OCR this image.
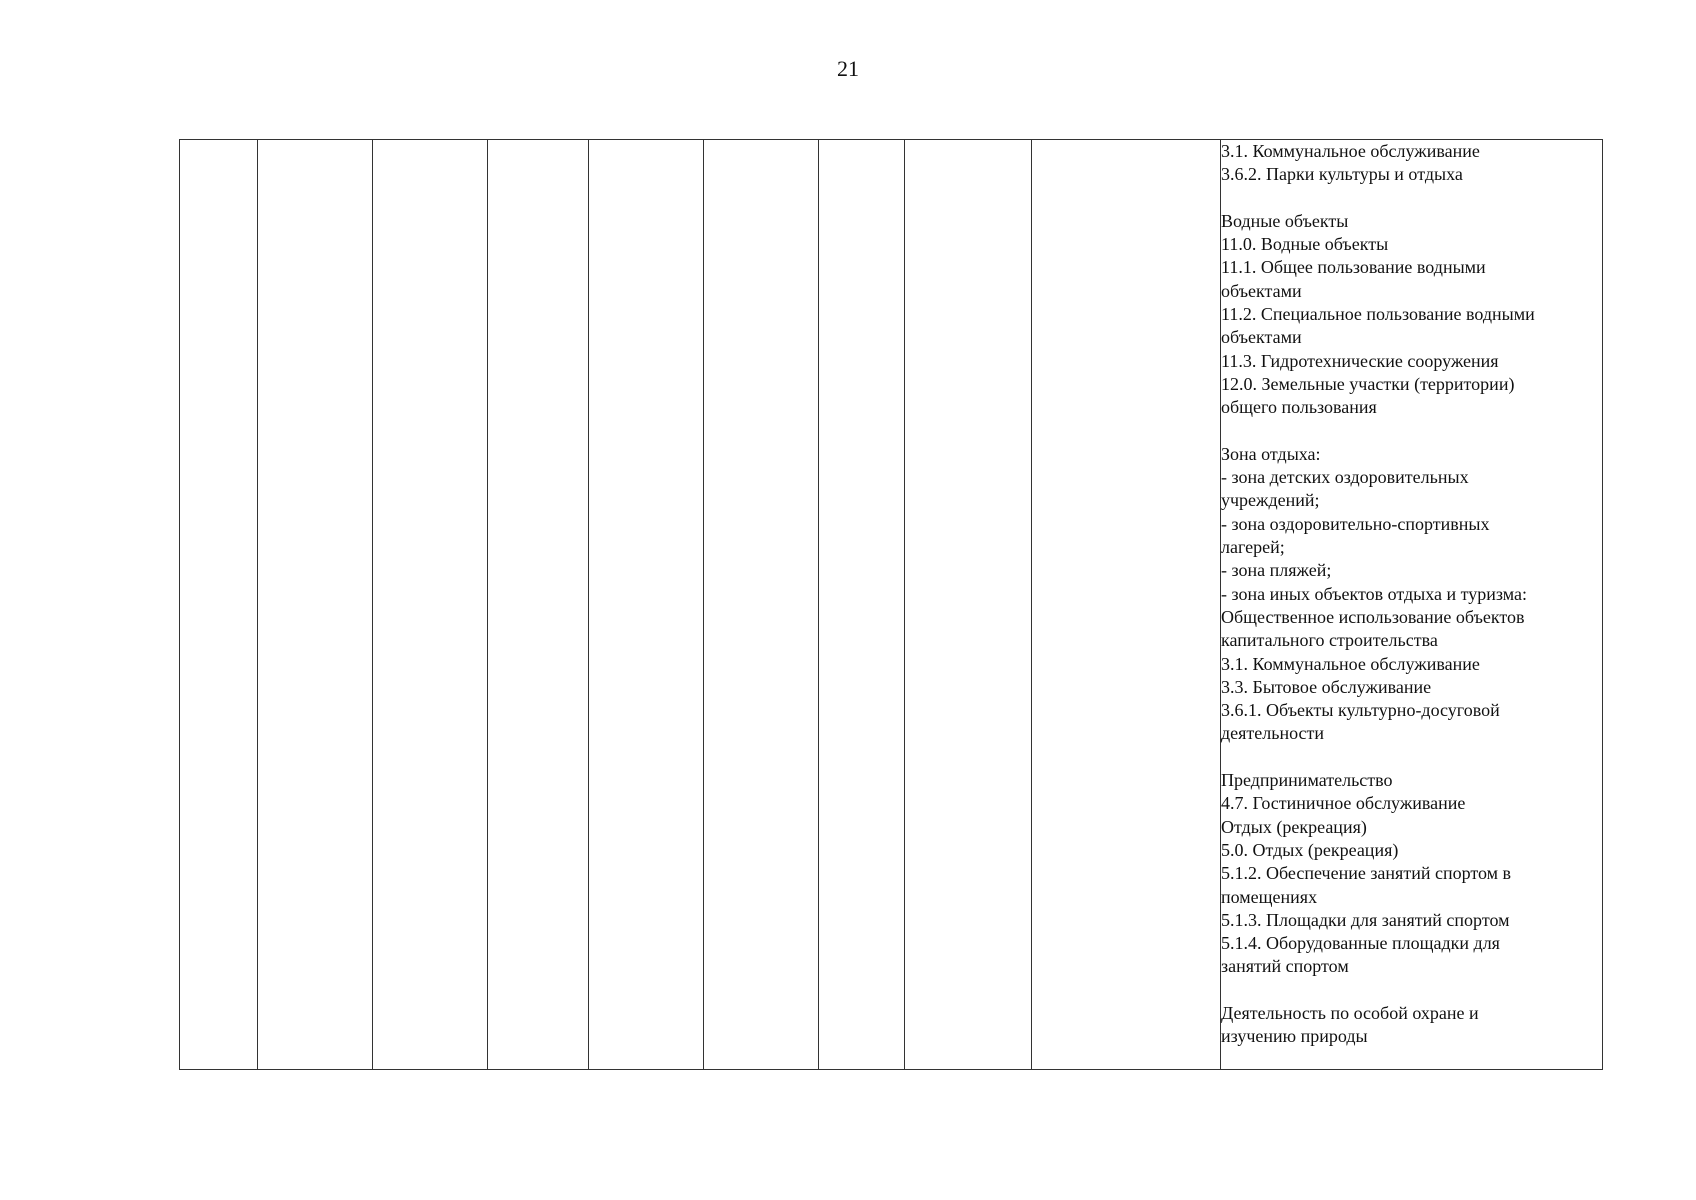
21

3.1. Коммунальное обслуживание
3.6.2. Парки культуры и отдыха
Водные объекты
11.0. Водные объекты
11.1. Общее пользование водными
объектами
11.2. Специальное пользование водными
объектами
11.3. Гидротехнические сооружения
12.0. Земельные участки (территории)
общего пользования
Зона отдыха:
- зона детских оздоровительных
учреждений;
- зона оздоровительно-спортивных
лагерей;
- зона пляжей;
- зона иных объектов отдыха и туризма:
Общественное использование объектов
капитального строительства
3.1. Коммунальное обслуживание
3.3. Бытовое обслуживание
3.6.1. Объекты культурно-досуговой
деятельности
Предпринимательство
4.7. Гостиничное обслуживание
Отдых (рекреация)
5.0. Отдых (рекреация)
5.1.2. Обеспечение занятий спортом в
помещениях
5.1.3. Площадки для занятий спортом
5.1.4. Оборудованные площадки для
занятий спортом
Деятельность по особой охране и
изучению природы
